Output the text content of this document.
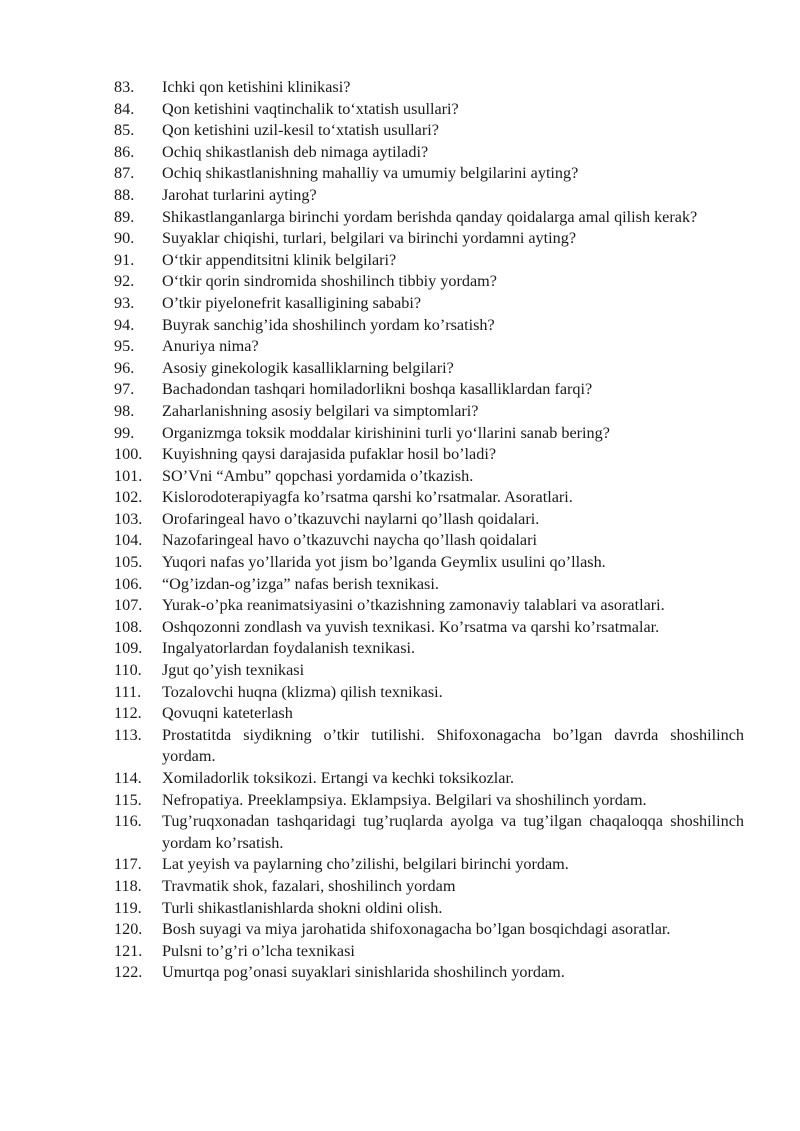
83.	Ichki qon ketishini klinikasi?
84.	Qon ketishini vaqtinchalik to‘xtatish usullari?
85.	Qon ketishini uzil-kesil to‘xtatish usullari?
86.	Ochiq shikastlanish deb nimaga aytiladi?
87.	Ochiq shikastlanishning mahalliy va umumiy belgilarini ayting?
88.	Jarohat turlarini ayting?
89.	Shikastlanganlarga birinchi yordam berishda qanday qoidalarga amal qilish kerak?
90.	Suyaklar chiqishi, turlari, belgilari va birinchi yordamni ayting?
91.	O‘tkir appenditsitni klinik belgilari?
92.	O‘tkir qorin sindromida shoshilinch tibbiy yordam?
93.	O’tkir piyelonefrit kasalligining sababi?
94.	Buyrak sanchig’ida shoshilinch yordam ko’rsatish?
95.	Anuriya nima?
96.	Asosiy ginekologik kasalliklarning belgilari?
97.	Bachadondan tashqari homiladorlikni boshqa kasalliklardan farqi?
98.	Zaharlanishning asosiy belgilari va simptomlari?
99.	Organizmga toksik moddalar kirishinini turli yo‘llarini sanab bering?
100.	Kuyishning qaysi darajasida pufaklar hosil bo’ladi?
101.	SO’Vni “Ambu” qopchasi yordamida o’tkazish.
102.	Kislorodoterapiyagfa ko’rsatma qarshi ko’rsatmalar. Asoratlari.
103.	Orofaringeal havo o’tkazuvchi naylarni qo’llash qoidalari.
104.	Nazofaringeal havo o’tkazuvchi naycha qo’llash qoidalari
105.	Yuqori nafas yo’llarida yot jism bo’lganda Geymlix usulini qo’llash.
106.	“Og’izdan-og’izga” nafas berish texnikasi.
107.	Yurak-o’pka reanimatsiyasini o’tkazishning zamonaviy talablari va asoratlari.
108.	Oshqozonni zondlash va yuvish texnikasi. Ko’rsatma va qarshi ko’rsatmalar.
109.	Ingalyatorlardan foydalanish texnikasi.
110.	Jgut qo’yish texnikasi
111.	Tozalovchi huqna (klizma) qilish texnikasi.
112.	Qovuqni kateterlash
113.	Prostatitda siydikning o’tkir tutilishi. Shifoxonagacha bo’lgan davrda shoshilinch yordam.
114.	Xomiladorlik toksikozi. Ertangi va kechki toksikozlar.
115.	Nefropatiya. Preeklampsiya. Eklampsiya. Belgilari va shoshilinch yordam.
116.	Tug’ruqxonadan tashqaridagi tug’ruqlarda ayolga va tug’ilgan chaqaloqqa shoshilinch yordam ko’rsatish.
117.	Lat yeyish va paylarning cho’zilishi, belgilari birinchi yordam.
118.	Travmatik shok, fazalari, shoshilinch yordam
119.	Turli shikastlanishlarda shokni oldini olish.
120.	Bosh suyagi va miya jarohatida shifoxonagacha bo’lgan bosqichdagi asoratlar.
121.	Pulsni to’g’ri o’lcha texnikasi
122.	Umurtqa pog’onasi suyaklari sinishlarida shoshilinch yordam.
